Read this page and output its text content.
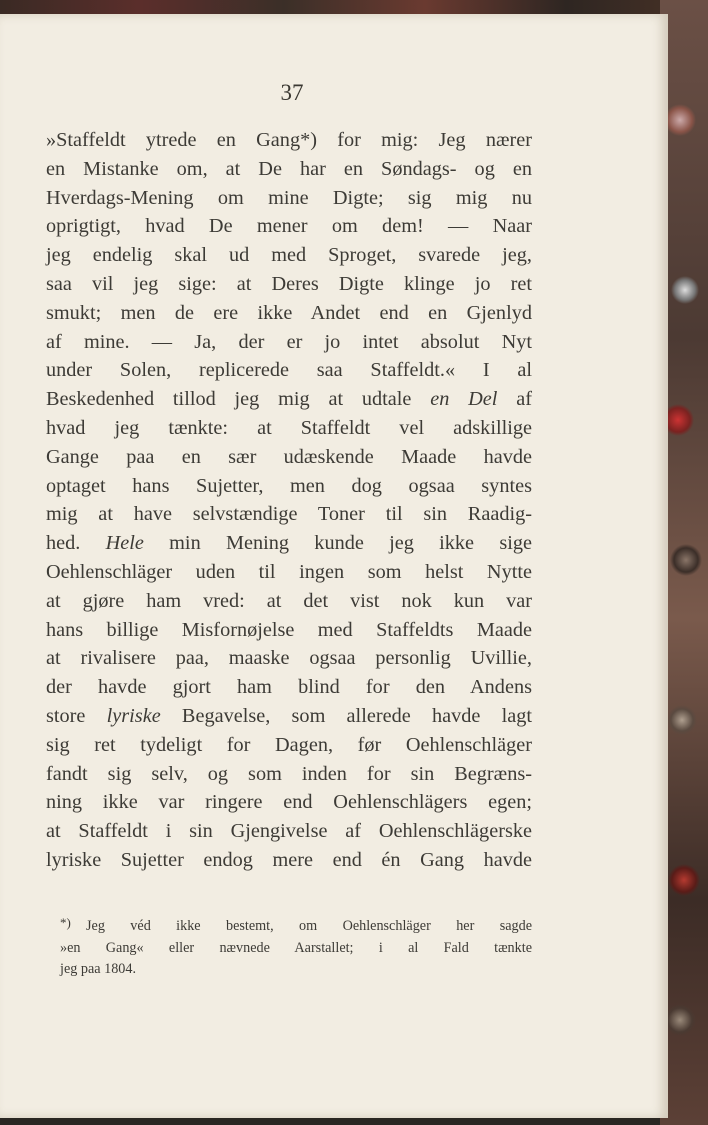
37
»Staffeldt ytrede en Gang*) for mig: Jeg nærer
en Mistanke om, at De har en Søndags- og en
Hverdags-Mening om mine Digte; sig mig nu
oprigtigt, hvad De mener om dem! — Naar
jeg endelig skal ud med Sproget, svarede jeg,
saa vil jeg sige: at Deres Digte klinge jo ret
smukt; men de ere ikke Andet end en Gjenlyd
af mine. — Ja, der er jo intet absolut Nyt
under Solen, replicerede saa Staffeldt.« I al
Beskedenhed tillod jeg mig at udtale en Del af
hvad jeg tænkte: at Staffeldt vel adskillige
Gange paa en sær udæskende Maade havde
optaget hans Sujetter, men dog ogsaa syntes
mig at have selvstændige Toner til sin Raadig-
hed. Hele min Mening kunde jeg ikke sige
Oehlenschläger uden til ingen som helst Nytte
at gjøre ham vred: at det vist nok kun var
hans billige Misfornøjelse med Staffeldts Maade
at rivalisere paa, maaske ogsaa personlig Uvillie,
der havde gjort ham blind for den Andens
store lyriske Begavelse, som allerede havde lagt
sig ret tydeligt for Dagen, før Oehlenschläger
fandt sig selv, og som inden for sin Begræns-
ning ikke var ringere end Oehlenschlägers egen;
at Staffeldt i sin Gjengivelse af Oehlenschlägerske
lyriske Sujetter endog mere end én Gang havde
*) Jeg véd ikke bestemt, om Oehlenschläger her sagde
»en Gang« eller nævnede Aarstallet; i al Fald tænkte
jeg paa 1804.
